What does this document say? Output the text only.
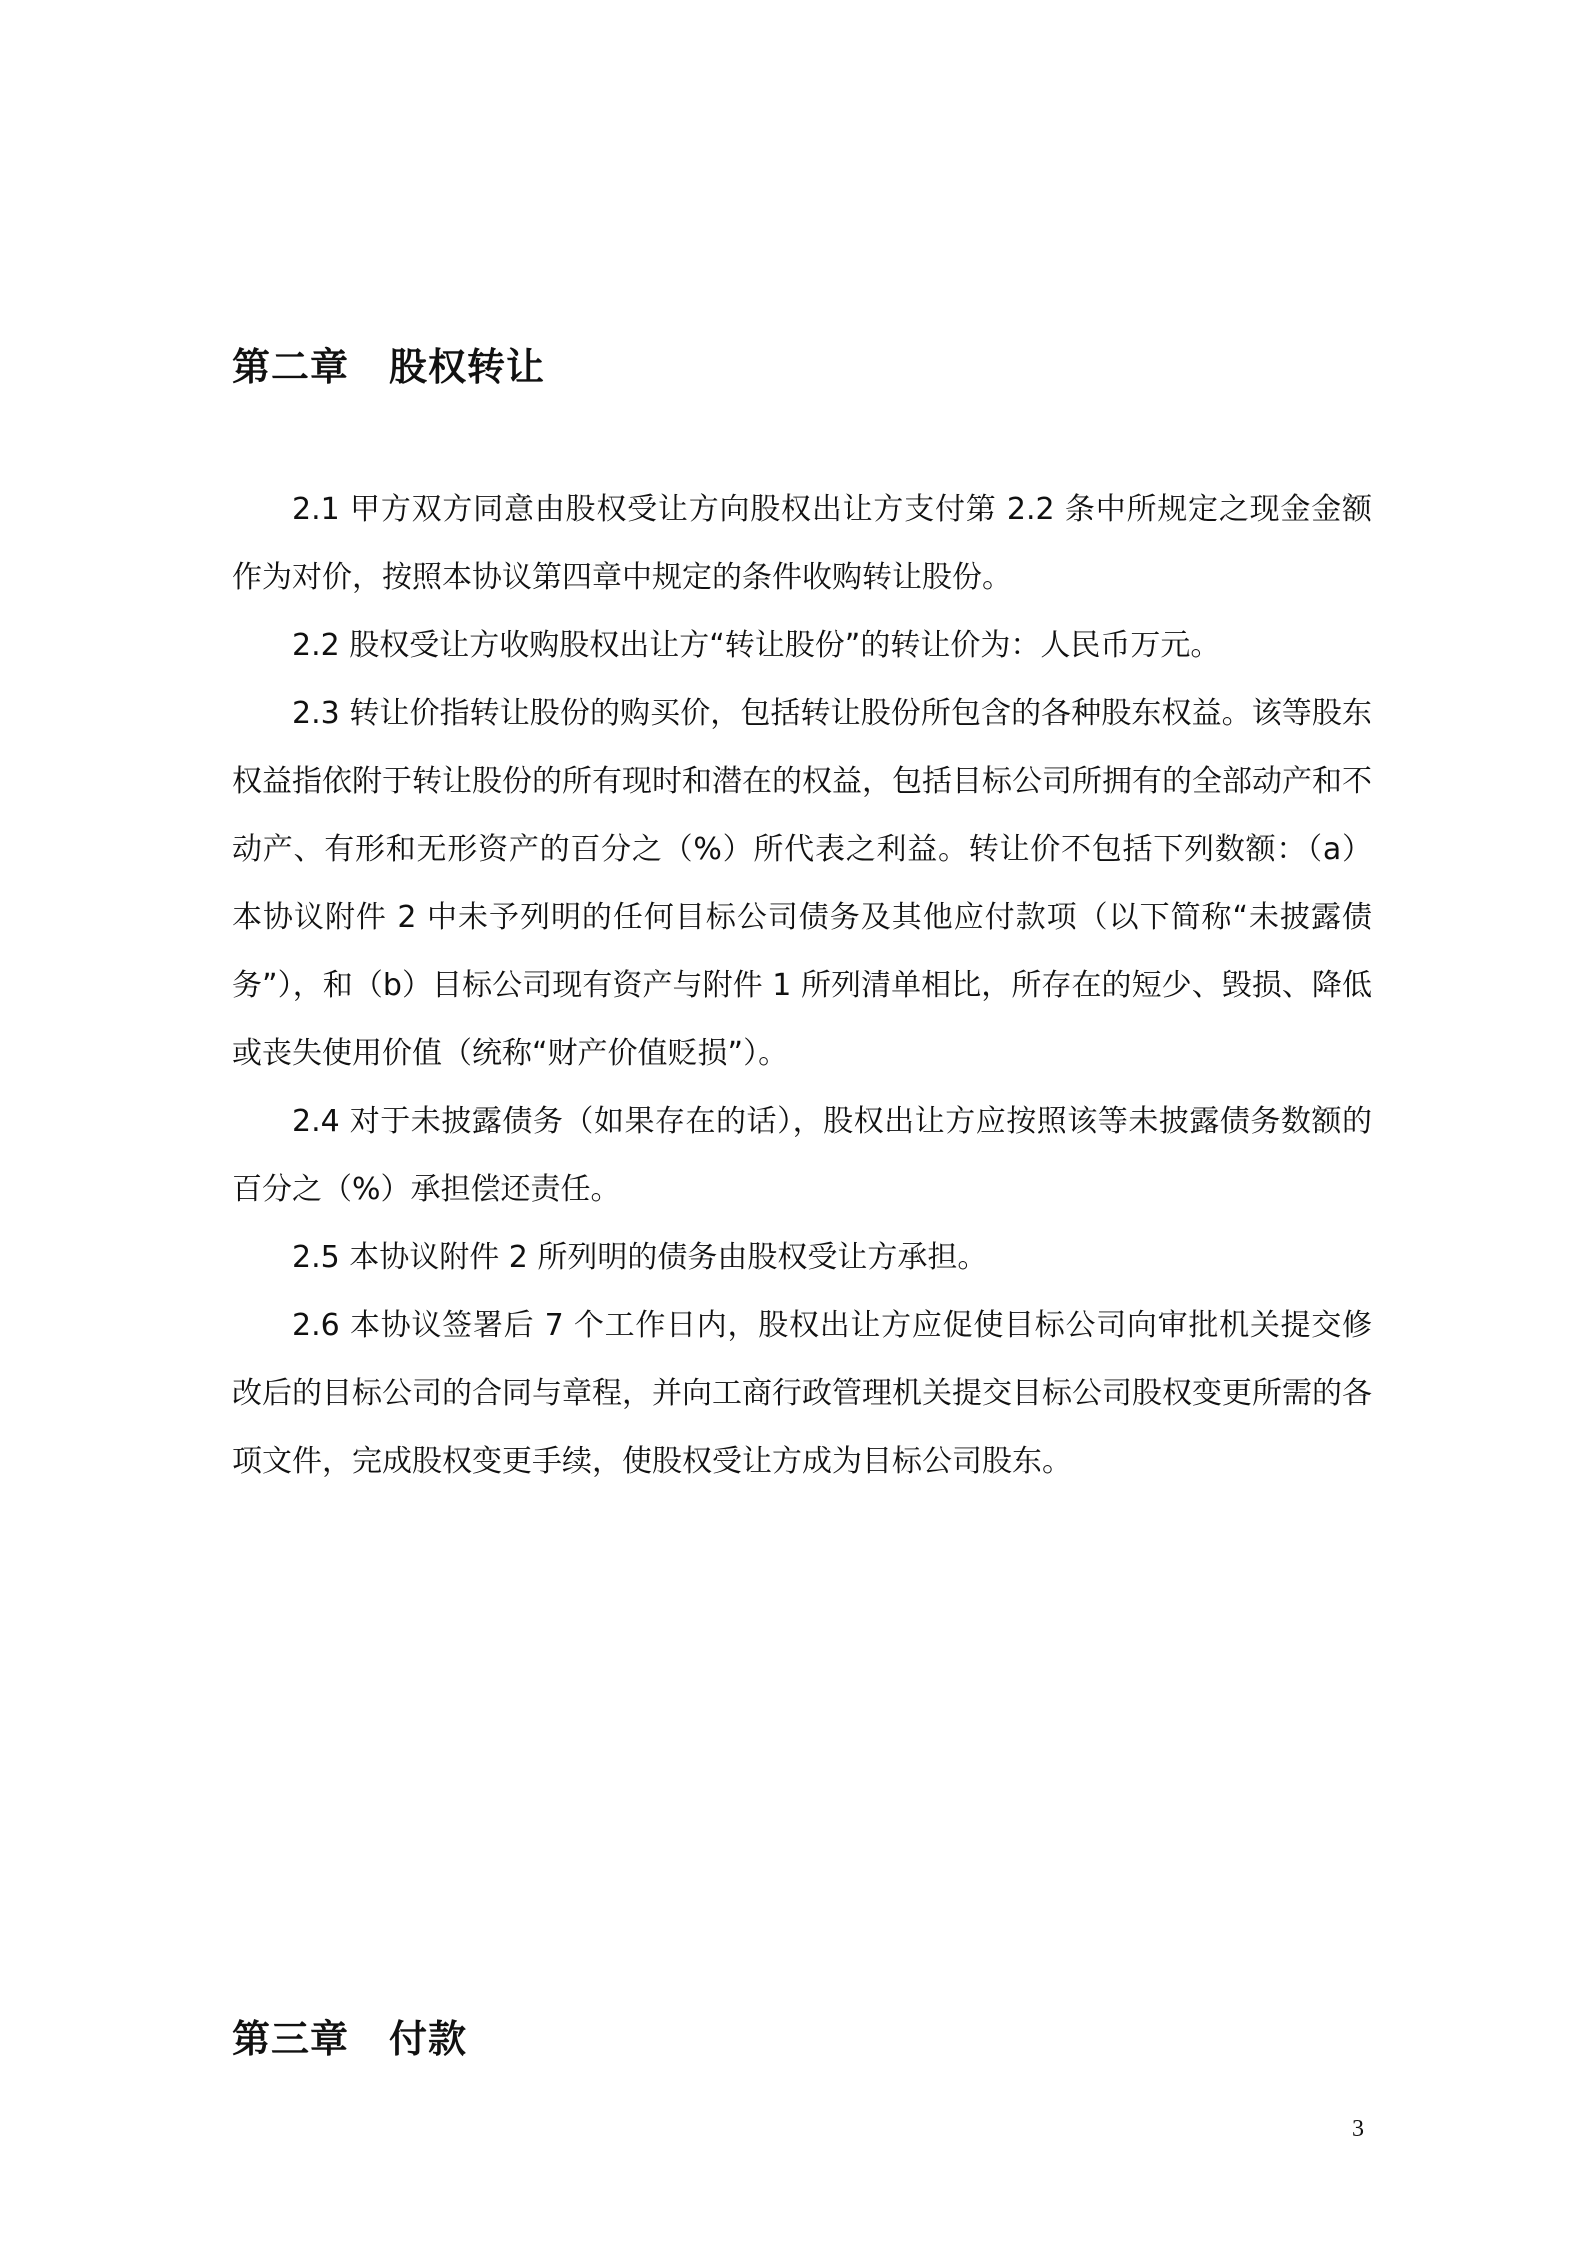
第二章 股权转让

2.1 甲方双方同意由股权受让方向股权出让方支付第 2.2 条中所规定之现金金额作为对价，按照本协议第四章中规定的条件收购转让股份。

2.2 股权受让方收购股权出让方“转让股份”的转让价为：人民币万元。

2.3 转让价指转让股份的购买价，包括转让股份所包含的各种股东权益。该等股东权益指依附于转让股份的所有现时和潜在的权益，包括目标公司所拥有的全部动产和不动产、有形和无形资产的百分之（%）所代表之利益。转让价不包括下列数额：（a）本协议附件 2 中未予列明的任何目标公司债务及其他应付款项（以下简称“未披露债务”），和（b）目标公司现有资产与附件 1 所列清单相比，所存在的短少、毁损、降低或丧失使用价值（统称“财产价值贬损”）。

2.4 对于未披露债务（如果存在的话），股权出让方应按照该等未披露债务数额的百分之（%）承担偿还责任。

2.5 本协议附件 2 所列明的债务由股权受让方承担。

2.6 本协议签署后 7 个工作日内，股权出让方应促使目标公司向审批机关提交修改后的目标公司的合同与章程，并向工商行政管理机关提交目标公司股权变更所需的各项文件，完成股权变更手续，使股权受让方成为目标公司股东。

第三章 付款
3
